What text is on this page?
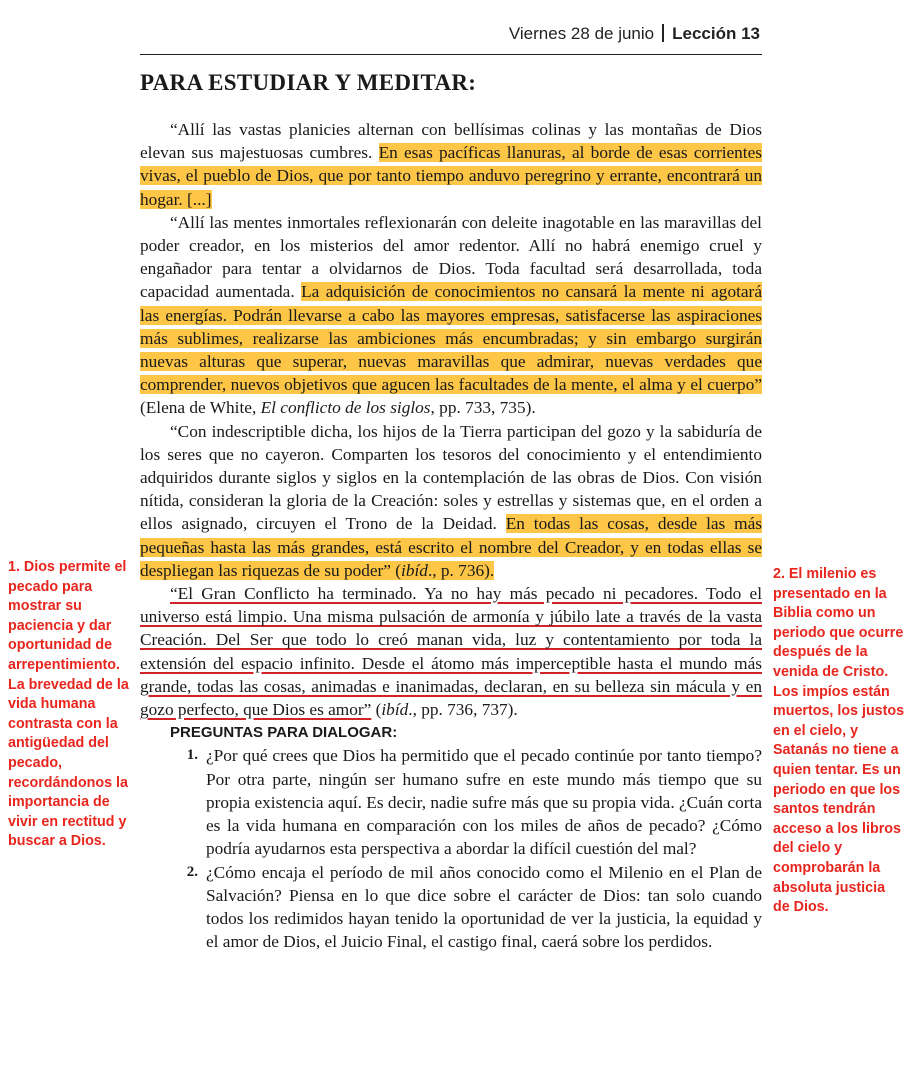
Viernes 28 de junio Lección 13
PARA ESTUDIAR Y MEDITAR:

“Allí las vastas planicies alternan con bellísimas colinas y las montañas de Dios elevan sus majestuosas cumbres. En esas pacíficas llanuras, al borde de esas corrientes vivas, el pueblo de Dios, que por tanto tiempo anduvo peregrino y errante, encontrará un hogar. [...]

“Allí las mentes inmortales reflexionarán con deleite inagotable en las maravillas del poder creador, en los misterios del amor redentor. Allí no habrá enemigo cruel y engañador para tentar a olvidarnos de Dios. Toda facultad será desarrollada, toda capacidad aumentada. La adquisición de conocimientos no cansará la mente ni agotará las energías. Podrán llevarse a cabo las mayores empresas, satisfacerse las aspiraciones más sublimes, realizarse las ambiciones más encumbradas; y sin embargo surgirán nuevas alturas que superar, nuevas maravillas que admirar, nuevas verdades que comprender, nuevos objetivos que agucen las facultades de la mente, el alma y el cuerpo” (Elena de White, El conflicto de los siglos, pp. 733, 735).

“Con indescriptible dicha, los hijos de la Tierra participan del gozo y la sabiduría de los seres que no cayeron. Comparten los tesoros del conocimiento y el entendimiento adquiridos durante siglos y siglos en la contemplación de las obras de Dios. Con visión nítida, consideran la gloria de la Creación: soles y estrellas y sistemas que, en el orden a ellos asignado, circuyen el Trono de la Deidad. En todas las cosas, desde las más pequeñas hasta las más grandes, está escrito el nombre del Creador, y en todas ellas se despliegan las riquezas de su poder” (ibíd., p. 736).

“El Gran Conflicto ha terminado. Ya no hay más pecado ni pecadores. Todo el universo está limpio. Una misma pulsación de armonía y júbilo late a través de la vasta Creación. Del Ser que todo lo creó manan vida, luz y contentamiento por toda la extensión del espacio infinito. Desde el átomo más imperceptible hasta el mundo más grande, todas las cosas, animadas e inanimadas, declaran, en su belleza sin mácula y en gozo perfecto, que Dios es amor” (ibíd., pp. 736, 737).

PREGUNTAS PARA DIALOGAR:

1. ¿Por qué crees que Dios ha permitido que el pecado continúe por tanto tiempo? Por otra parte, ningún ser humano sufre en este mundo más tiempo que su propia existencia aquí. Es decir, nadie sufre más que su propia vida. ¿Cuán corta es la vida humana en comparación con los miles de años de pecado? ¿Cómo podría ayudarnos esta perspectiva a abordar la difícil cuestión del mal?
2. ¿Cómo encaja el período de mil años conocido como el Milenio en el Plan de Salvación? Piensa en lo que dice sobre el carácter de Dios: tan solo cuando todos los redimidos hayan tenido la oportunidad de ver la justicia, la equidad y el amor de Dios, el Juicio Final, el castigo final, caerá sobre los perdidos.
1. Dios permite el pecado para mostrar su paciencia y dar oportunidad de arrepentimiento. La brevedad de la vida humana contrasta con la antigüedad del pecado, recordándonos la importancia de vivir en rectitud y buscar a Dios.
2. El milenio es presentado en la Biblia como un periodo que ocurre después de la venida de Cristo. Los impíos están muertos, los justos en el cielo, y Satanás no tiene a quien tentar. Es un periodo en que los santos tendrán acceso a los libros del cielo y comprobarán la absoluta justicia de Dios.
